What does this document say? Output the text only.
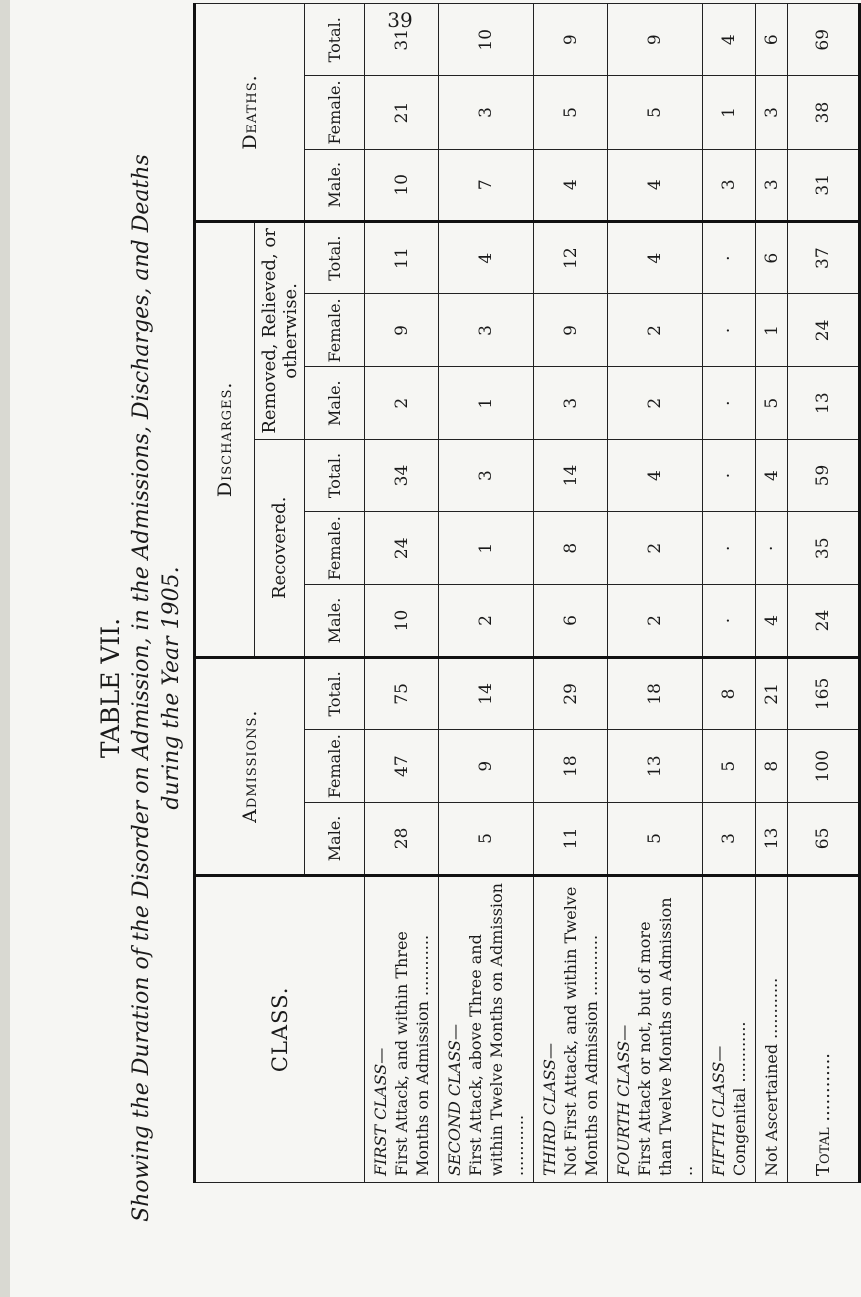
39
TABLE VII. Showing the Duration of the Disorder on Admission, in the Admissions, Discharges, and Deaths during the Year 1905.
CLASS.	Admissions.			Discharges.						Deaths.		
				Recovered.			Removed, Relieved, or otherwise.					
	Male.	Female.	Total.	Male.	Female.	Total.	Male.	Female.	Total.	Male.	Female.	Total.

FIRST CLASS— First Attack, and within Three Months on Admission ............	28	47	75	10	24	34	2	9	11	10	21	31

SECOND CLASS— First Attack, above Three and within Twelve Months on Admission ............	5	9	14	2	1	3	1	3	4	7	3	10

THIRD CLASS— Not First Attack, and within Twelve Months on Admission ............	11	18	29	6	8	14	3	9	12	4	5	9

FOURTH CLASS— First Attack or not, but of more than Twelve Months on Admission ..	5	13	18	2	2	4	2	2	4	4	5	9

FIFTH CLASS— Congenital ............	3	5	8	·	·	·	·	·	·	3	1	4

Not Ascertained ............	13	8	21	4	·	4	5	1	6	3	3	6
Total ............	65	100	165	24	35	59	13	24	37	31	38	69
